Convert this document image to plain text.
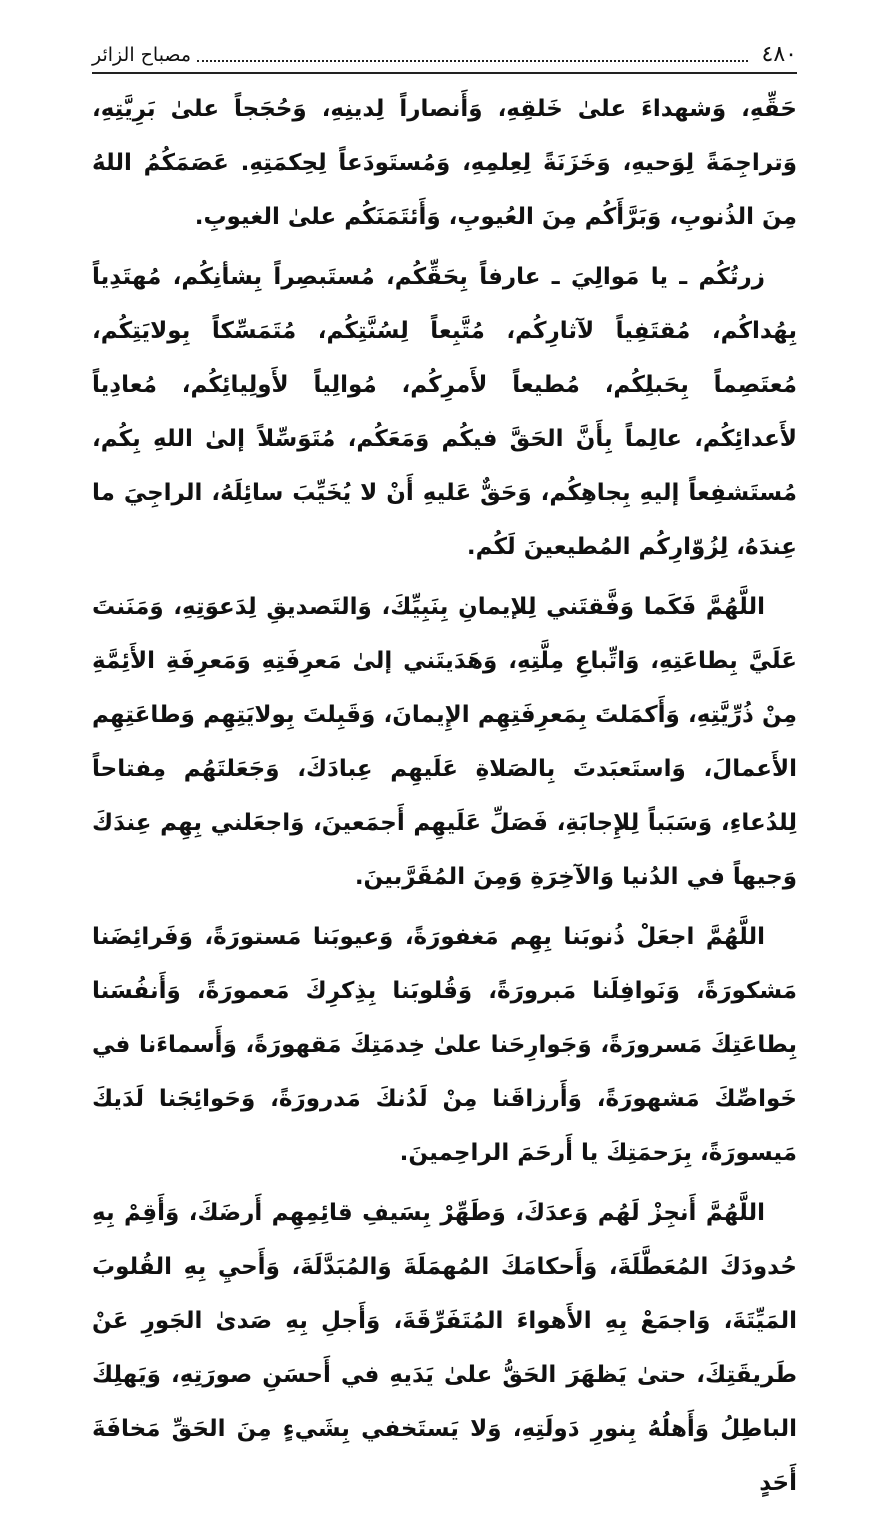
٤٨٠
مصباح الزائر

حَقِّهِ، وَشهداءَ علىٰ خَلقِهِ، وَأَنصاراً لِدينِهِ، وَحُجَجاً علىٰ بَرِيَّتِهِ، وَتراجِمَةً لِوَحيهِ، وَخَزَنَةً لِعِلمِهِ، وَمُستَودَعاً لِحِكمَتِهِ. عَصَمَكُمُ اللهُ مِنَ الذُنوبِ، وَبَرَّأَكُم مِنَ العُيوبِ، وَأَئتَمَنَكُم علىٰ الغيوبِ.

زرتُكُم ـ يا مَوالِيَ ـ عارفاً بِحَقِّكُم، مُستَبصِراً بِشأنِكُم، مُهتَدِياً بِهُداكُم، مُقتَفِياً لآثارِكُم، مُتَّبِعاً لِسُنَّتِكُم، مُتَمَسِّكاً بِولايَتِكُم، مُعتَصِماً بِحَبلِكُم، مُطيعاً لأَمرِكُم، مُوالِياً لأَولِيائِكُم، مُعادِياً لأَعدائِكُم، عالِماً بِأَنَّ الحَقَّ فيكُم وَمَعَكُم، مُتَوَسِّلاً إلىٰ اللهِ بِكُم، مُستَشفِعاً إليهِ بِجاهِكُم، وَحَقٌّ عَليهِ أَنْ لا يُخَيِّبَ سائِلَهُ، الراجِيَ ما عِندَهُ، لِزُوّارِكُم المُطيعينَ لَكُم.

اللَّهُمَّ فَكَما وَفَّقتَني لِلإيمانِ بِنَبِيِّكَ، وَالتَصديقِ لِدَعوَتِهِ، وَمَنَنتَ عَلَيَّ بِطاعَتِهِ، وَاتِّباعِ مِلَّتِهِ، وَهَدَيتَني إلىٰ مَعرِفَتِهِ وَمَعرِفَةِ الأَئِمَّةِ مِنْ ذُرِّيَّتِهِ، وَأَكمَلتَ بِمَعرِفَتِهِم الإِيمانَ، وَقَبِلتَ بِولايَتِهِم وَطاعَتِهِم الأَعمالَ، وَاستَعبَدتَ بِالصَلاةِ عَلَيهِم عِبادَكَ، وَجَعَلتَهُم مِفتاحاً لِلدُعاءِ، وَسَبَباً لِلإِجابَةِ، فَصَلِّ عَلَيهِم أَجمَعينَ، وَاجعَلني بِهِم عِندَكَ وَجيهاً في الدُنيا وَالآخِرَةِ وَمِنَ المُقَرَّبينَ.

اللَّهُمَّ اجعَلْ ذُنوبَنا بِهِم مَغفورَةً، وَعيوبَنا مَستورَةً، وَفَرائِضَنا مَشكورَةً، وَنَوافِلَنا مَبرورَةً، وَقُلوبَنا بِذِكرِكَ مَعمورَةً، وَأَنفُسَنا بِطاعَتِكَ مَسرورَةً، وَجَوارِحَنا علىٰ خِدمَتِكَ مَقهورَةً، وَأَسماءَنا في خَواصِّكَ مَشهورَةً، وَأَرزاقَنا مِنْ لَدُنكَ مَدرورَةً، وَحَوائِجَنا لَدَيكَ مَيسورَةً، بِرَحمَتِكَ يا أَرحَمَ الراحِمينَ.

اللَّهُمَّ أَنجِزْ لَهُم وَعدَكَ، وَطَهِّرْ بِسَيفِ قائِمِهِم أَرضَكَ، وَأَقِمْ بِهِ حُدودَكَ المُعَطَّلَةَ، وَأَحكامَكَ المُهمَلَةَ وَالمُبَدَّلَةَ، وَأَحيِ بِهِ القُلوبَ المَيِّتَةَ، وَاجمَعْ بِهِ الأَهواءَ المُتَفَرِّقَةَ، وَأَجلِ بِهِ صَدىٰ الجَورِ عَنْ طَريقَتِكَ، حتىٰ يَظهَرَ الحَقُّ علىٰ يَدَيهِ في أَحسَنِ صورَتِهِ، وَيَهلِكَ الباطِلُ وَأَهلُهُ بِنورِ دَولَتِهِ، وَلا يَستَخفي بِشَيءٍ مِنَ الحَقِّ مَخافَةَ أَحَدٍ
